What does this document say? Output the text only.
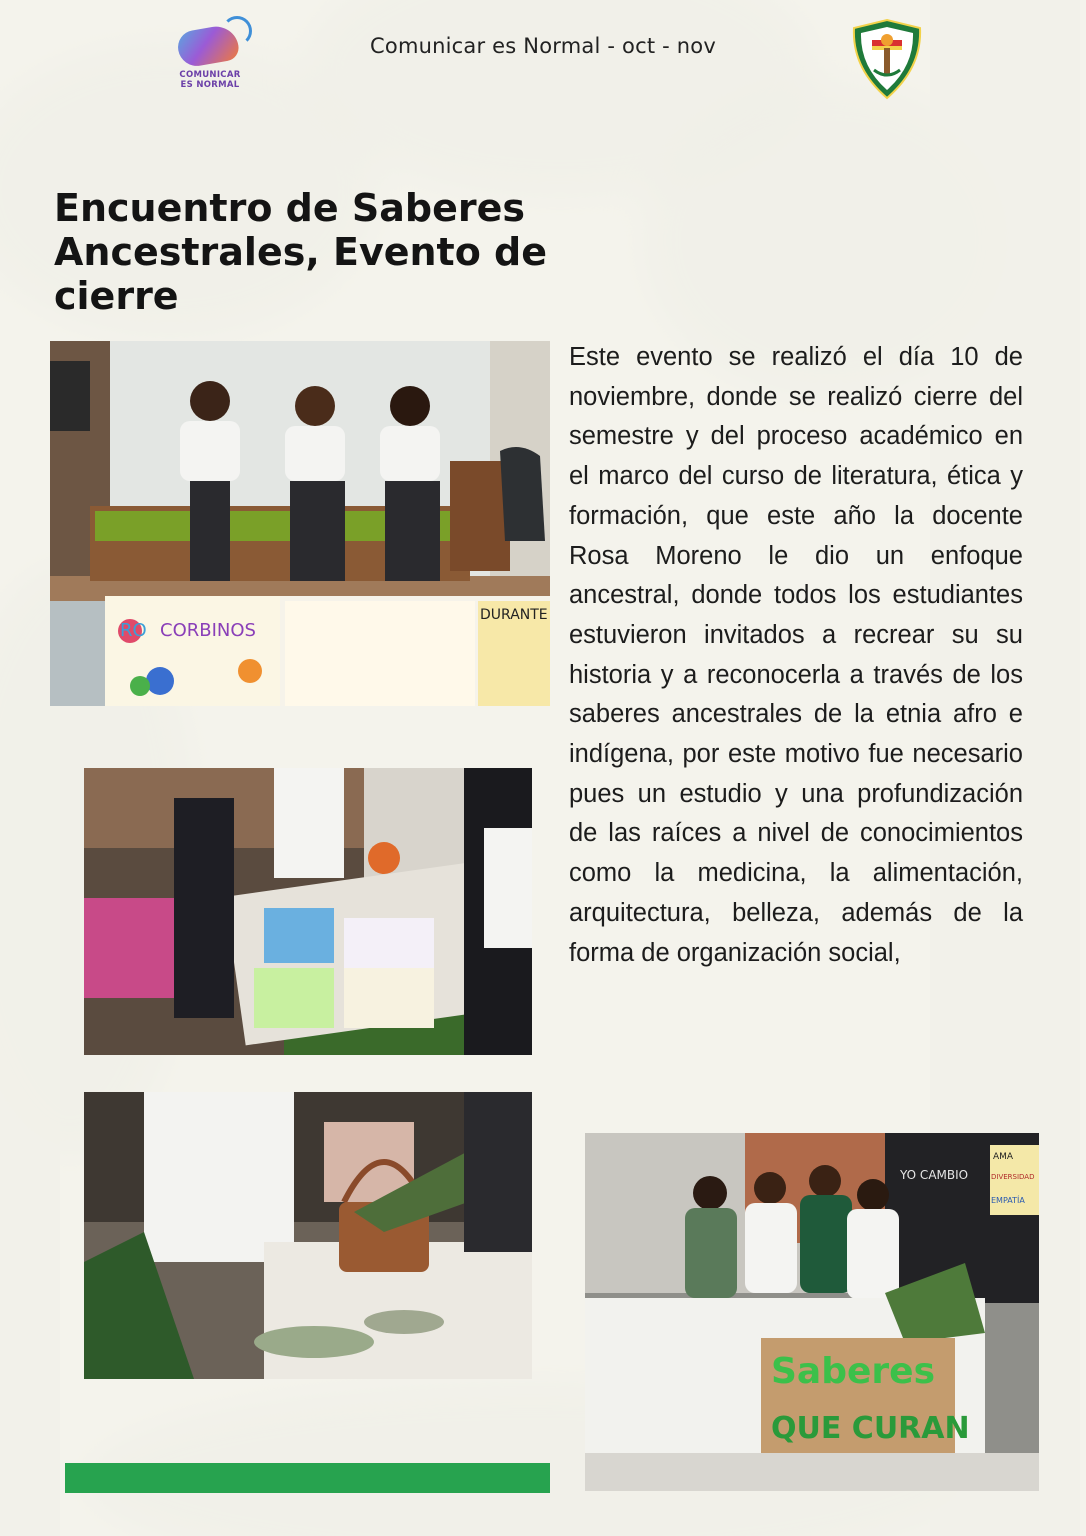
COMUNICAR
ES NORMAL
Comunicar es Normal - oct - nov
Encuentro de Saberes Ancestrales, Evento de cierre

Este evento se realizó el día 10 de noviembre, donde se realizó cierre del semestre y del proceso académico en el marco del curso de literatura, ética y formación, que este año la docente Rosa Moreno le dio un enfoque ancestral, donde todos los estudiantes estuvieron invitados a recrear su su historia y a reconocerla a través de los saberes ancestrales de la etnia afro e indígena, por este motivo fue necesario pues un estudio y una profundización de las raíces a nivel de conocimientos como la medicina, la alimentación, arquitectura, belleza, además de la forma de organización social,

RO CORBINOS
DURANTE
AMA
DIVERSIDAD
EMPATÍA
YO CAMBIO
Saberes
QUE CURAN
